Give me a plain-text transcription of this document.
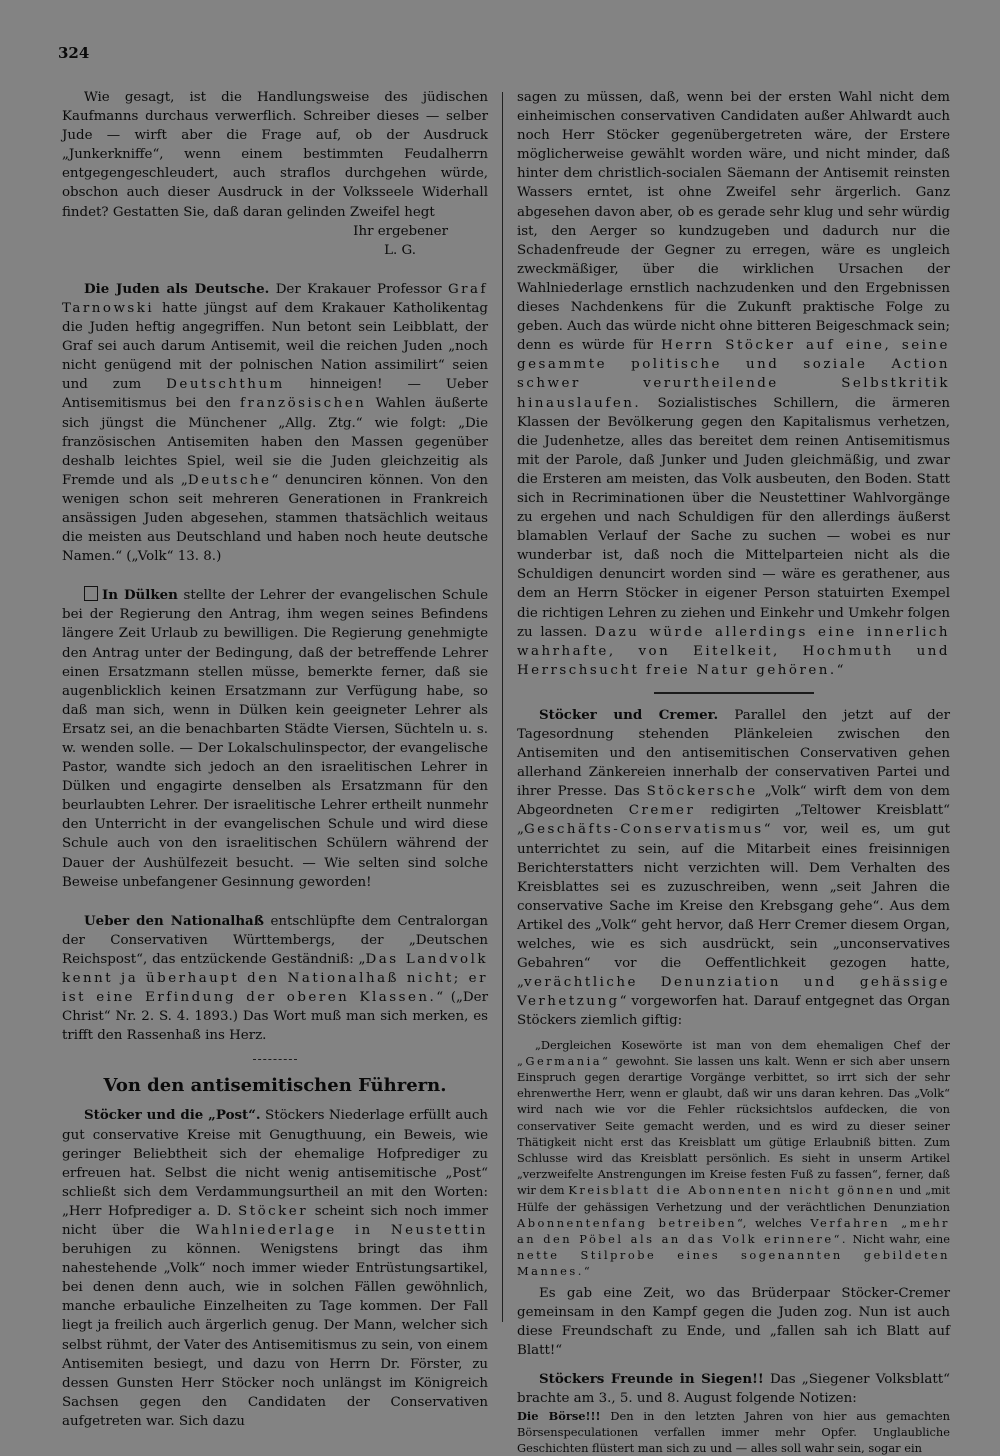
324

Wie gesagt, ist die Handlungsweise des jüdischen Kaufmanns durchaus verwerflich. Schreiber dieses — selber Jude — wirft aber die Frage auf, ob der Ausdruck „Junkerkniffe“, wenn einem bestimmten Feudalherrn entgegengeschleudert, auch straflos durchgehen würde, obschon auch dieser Ausdruck in der Volksseele Widerhall findet? Gestatten Sie, daß daran gelinden Zweifel hegt

Ihr ergebener
L. G.

Die Juden als Deutsche. Der Krakauer Professor Graf Tarnowski hatte jüngst auf dem Krakauer Katholikentag die Juden heftig angegriffen. Nun betont sein Leibblatt, der Graf sei auch darum Antisemit, weil die reichen Juden „noch nicht genügend mit der polnischen Nation assimilirt“ seien und zum Deutschthum hinneigen! — Ueber Antisemitismus bei den französischen Wahlen äußerte sich jüngst die Münchener „Allg. Ztg.“ wie folgt: „Die französischen Antisemiten haben den Massen gegenüber deshalb leichtes Spiel, weil sie die Juden gleichzeitig als Fremde und als „Deutsche“ denunciren können. Von den wenigen schon seit mehreren Generationen in Frankreich ansässigen Juden abgesehen, stammen thatsächlich weitaus die meisten aus Deutschland und haben noch heute deutsche Namen.“ („Volk“ 13. 8.)

In Dülken stellte der Lehrer der evangelischen Schule bei der Regierung den Antrag, ihm wegen seines Befindens längere Zeit Urlaub zu bewilligen. Die Regierung genehmigte den Antrag unter der Bedingung, daß der betreffende Lehrer einen Ersatzmann stellen müsse, bemerkte ferner, daß sie augenblicklich keinen Ersatzmann zur Verfügung habe, so daß man sich, wenn in Dülken kein geeigneter Lehrer als Ersatz sei, an die benachbarten Städte Viersen, Süchteln u. s. w. wenden solle. — Der Lokalschulinspector, der evangelische Pastor, wandte sich jedoch an den israelitischen Lehrer in Dülken und engagirte denselben als Ersatzmann für den beurlaubten Lehrer. Der israelitische Lehrer ertheilt nunmehr den Unterricht in der evangelischen Schule und wird diese Schule auch von den israelitischen Schülern während der Dauer der Aushülfezeit besucht. — Wie selten sind solche Beweise unbefangener Gesinnung geworden!

Ueber den Nationalhaß entschlüpfte dem Centralorgan der Conservativen Württembergs, der „Deutschen Reichspost“, das entzückende Geständniß: „Das Landvolk kennt ja überhaupt den Nationalhaß nicht; er ist eine Erfindung der oberen Klassen.“ („Der Christ“ Nr. 2. S. 4. 1893.) Das Wort muß man sich merken, es trifft den Rassenhaß ins Herz.

Von den antisemitischen Führern.

Stöcker und die „Post“. Stöckers Niederlage erfüllt auch gut conservative Kreise mit Genugthuung, ein Beweis, wie geringer Beliebtheit sich der ehemalige Hofprediger zu erfreuen hat. Selbst die nicht wenig antisemitische „Post“ schließt sich dem Verdammungsurtheil an mit den Worten: „Herr Hofprediger a. D. Stöcker scheint sich noch immer nicht über die Wahlniederlage in Neustettin beruhigen zu können. Wenigstens bringt das ihm nahestehende „Volk“ noch immer wieder Entrüstungsartikel, bei denen denn auch, wie in solchen Fällen gewöhnlich, manche erbauliche Einzelheiten zu Tage kommen. Der Fall liegt ja freilich auch ärgerlich genug. Der Mann, welcher sich selbst rühmt, der Vater des Antisemitismus zu sein, von einem Antisemiten besiegt, und dazu von Herrn Dr. Förster, zu dessen Gunsten Herr Stöcker noch unlängst im Königreich Sachsen gegen den Candidaten der Conservativen aufgetreten war. Sich dazu

sagen zu müssen, daß, wenn bei der ersten Wahl nicht dem einheimischen conservativen Candidaten außer Ahlwardt auch noch Herr Stöcker gegenübergetreten wäre, der Erstere möglicherweise gewählt worden wäre, und nicht minder, daß hinter dem christlich-socialen Säemann der Antisemit reinsten Wassers erntet, ist ohne Zweifel sehr ärgerlich. Ganz abgesehen davon aber, ob es gerade sehr klug und sehr würdig ist, den Aerger so kundzugeben und dadurch nur die Schadenfreude der Gegner zu erregen, wäre es ungleich zweckmäßiger, über die wirklichen Ursachen der Wahlniederlage ernstlich nachzudenken und den Ergebnissen dieses Nachdenkens für die Zukunft praktische Folge zu geben. Auch das würde nicht ohne bitteren Beigeschmack sein; denn es würde für Herrn Stöcker auf eine, seine gesammte politische und soziale Action schwer verurtheilende Selbstkritik hinauslaufen. Sozialistisches Schillern, die ärmeren Klassen der Bevölkerung gegen den Kapitalismus verhetzen, die Judenhetze, alles das bereitet dem reinen Antisemitismus mit der Parole, daß Junker und Juden gleichmäßig, und zwar die Ersteren am meisten, das Volk ausbeuten, den Boden. Statt sich in Recriminationen über die Neustettiner Wahlvorgänge zu ergehen und nach Schuldigen für den allerdings äußerst blamablen Verlauf der Sache zu suchen — wobei es nur wunderbar ist, daß noch die Mittelparteien nicht als die Schuldigen denuncirt worden sind — wäre es gerathener, aus dem an Herrn Stöcker in eigener Person statuirten Exempel die richtigen Lehren zu ziehen und Einkehr und Umkehr folgen zu lassen. Dazu würde allerdings eine innerlich wahrhafte, von Eitelkeit, Hochmuth und Herrschsucht freie Natur gehören.“

Stöcker und Cremer. Parallel den jetzt auf der Tagesordnung stehenden Plänkeleien zwischen den Antisemiten und den antisemitischen Conservativen gehen allerhand Zänkereien innerhalb der conservativen Partei und ihrer Presse. Das Stöckersche „Volk“ wirft dem von dem Abgeordneten Cremer redigirten „Teltower Kreisblatt“ „Geschäfts-Conservatismus“ vor, weil es, um gut unterrichtet zu sein, auf die Mitarbeit eines freisinnigen Berichterstatters nicht verzichten will. Dem Verhalten des Kreisblattes sei es zuzuschreiben, wenn „seit Jahren die conservative Sache im Kreise den Krebsgang gehe“. Aus dem Artikel des „Volk“ geht hervor, daß Herr Cremer diesem Organ, welches, wie es sich ausdrückt, sein „unconservatives Gebahren“ vor die Oeffentlichkeit gezogen hatte, „verächtliche Denunziation und gehässige Verhetzung“ vorgeworfen hat. Darauf entgegnet das Organ Stöckers ziemlich giftig:

„Dergleichen Kosewörte ist man von dem ehemaligen Chef der „Germania“ gewohnt. Sie lassen uns kalt. Wenn er sich aber unsern Einspruch gegen derartige Vorgänge verbittet, so irrt sich der sehr ehrenwerthe Herr, wenn er glaubt, daß wir uns daran kehren. Das „Volk“ wird nach wie vor die Fehler rücksichtslos aufdecken, die von conservativer Seite gemacht werden, und es wird zu dieser seiner Thätigkeit nicht erst das Kreisblatt um gütige Erlaubniß bitten. Zum Schlusse wird das Kreisblatt persönlich. Es sieht in unserm Artikel „verzweifelte Anstrengungen im Kreise festen Fuß zu fassen“, ferner, daß wir dem Kreisblatt die Abonnenten nicht gönnen und „mit Hülfe der gehässigen Verhetzung und der verächtlichen Denunziation Abonnentenfang betreiben“, welches Verfahren „mehr an den Pöbel als an das Volk erinnere“. Nicht wahr, eine nette Stilprobe eines sogenannten gebildeten Mannes.“

Es gab eine Zeit, wo das Brüderpaar Stöcker-Cremer gemeinsam in den Kampf gegen die Juden zog. Nun ist auch diese Freundschaft zu Ende, und „fallen sah ich Blatt auf Blatt!“

Stöckers Freunde in Siegen!! Das „Siegener Volksblatt“ brachte am 3., 5. und 8. August folgende Notizen:

Die Börse!!! Den in den letzten Jahren von hier aus gemachten Börsenspeculationen verfallen immer mehr Opfer. Unglaubliche Geschichten flüstert man sich zu und — alles soll wahr sein, sogar ein
